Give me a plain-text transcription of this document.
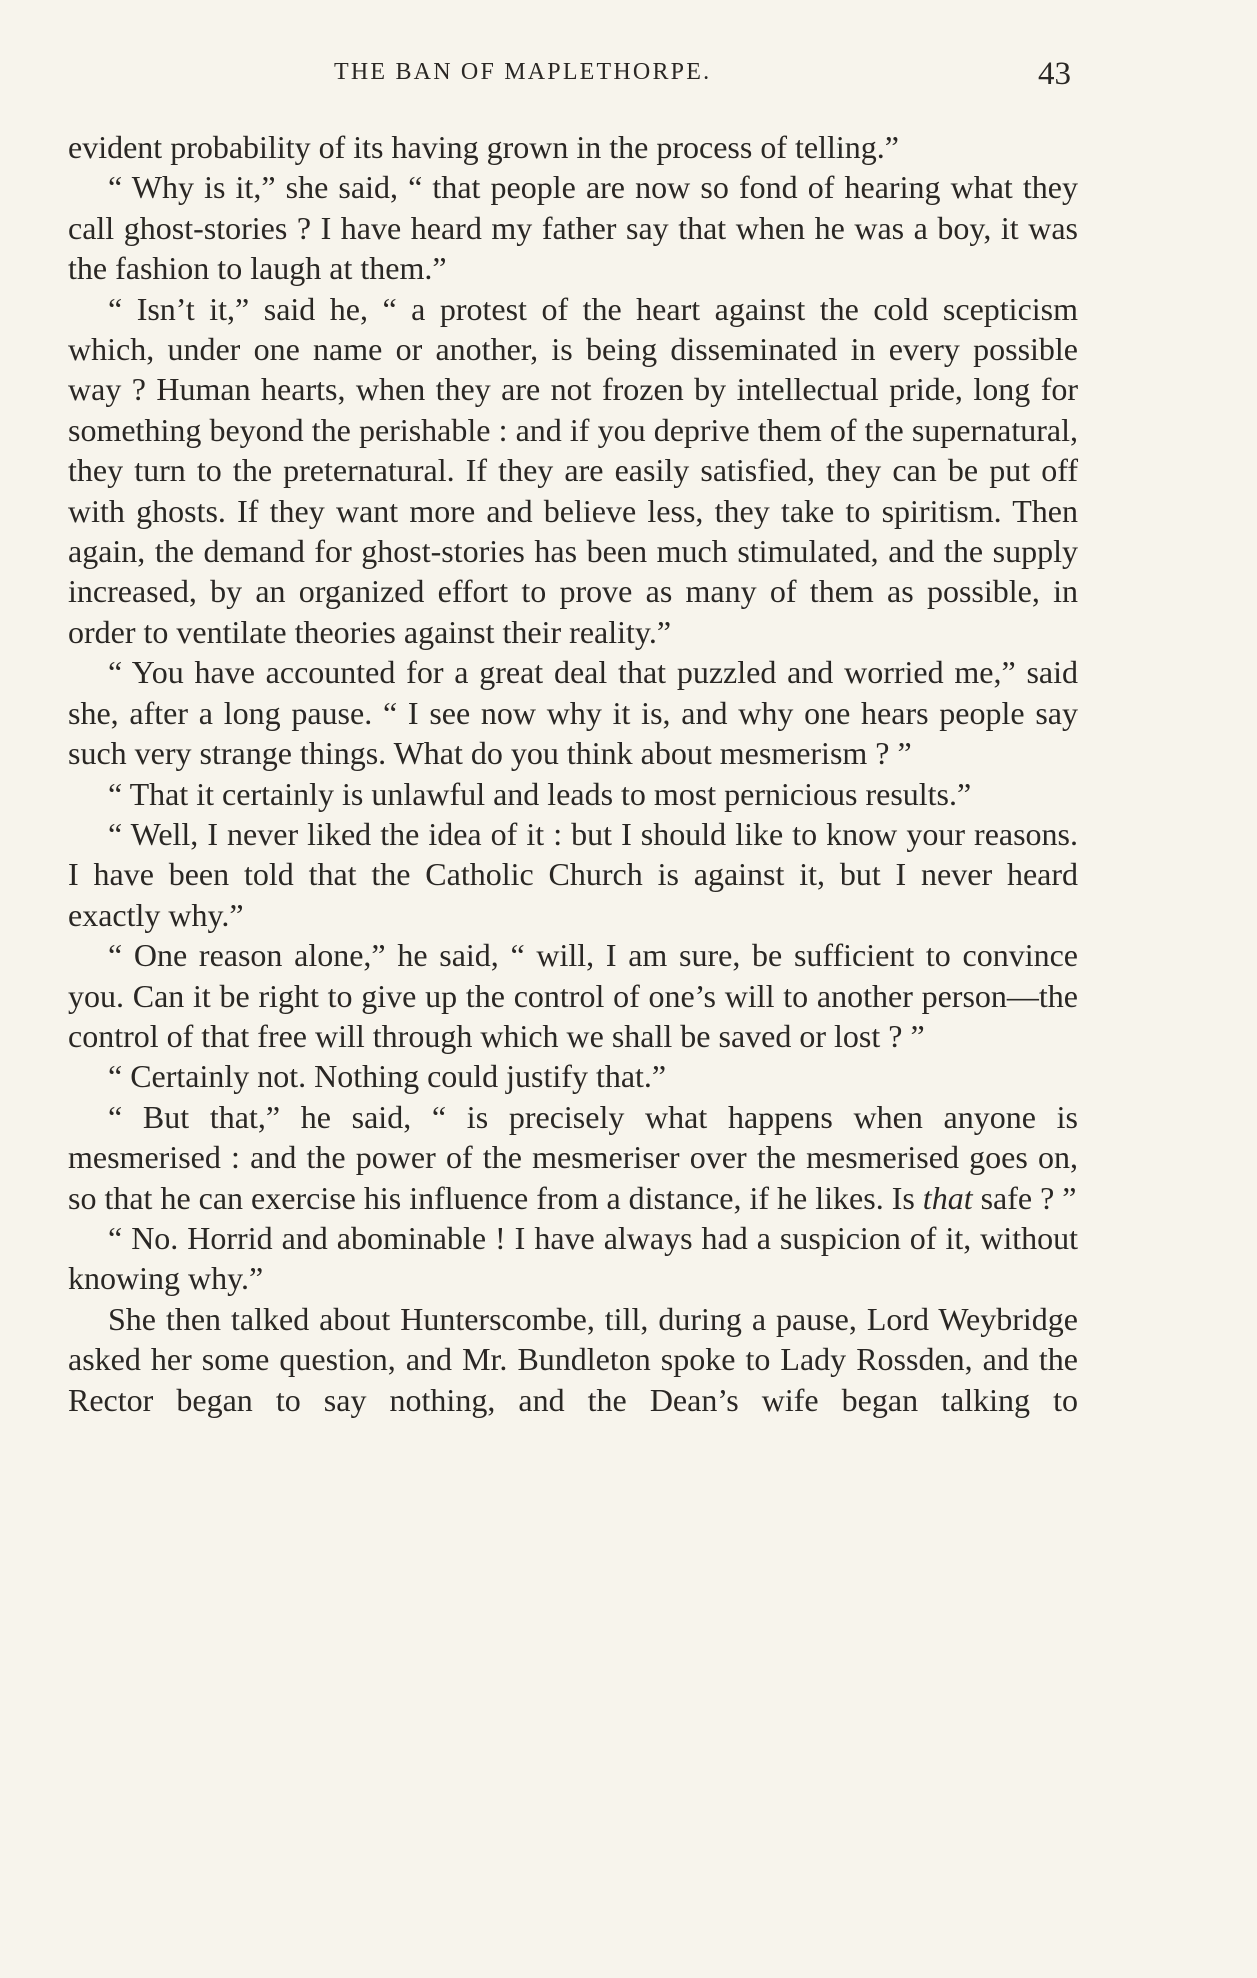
THE BAN OF MAPLETHORPE.	43

evident probability of its having grown in the process of telling.”

“ Why is it,” she said, “ that people are now so fond of hearing what they call ghost-stories ? I have heard my father say that when he was a boy, it was the fashion to laugh at them.”

“ Isn’t it,” said he, “ a protest of the heart against the cold scepticism which, under one name or another, is being disseminated in every possible way ? Human hearts, when they are not frozen by intellectual pride, long for something beyond the perishable : and if you deprive them of the supernatural, they turn to the preternatural. If they are easily satisfied, they can be put off with ghosts. If they want more and believe less, they take to spiritism. Then again, the demand for ghost-stories has been much stimulated, and the supply increased, by an organized effort to prove as many of them as possible, in order to ventilate theories against their reality.”

“ You have accounted for a great deal that puzzled and worried me,” said she, after a long pause. “ I see now why it is, and why one hears people say such very strange things. What do you think about mesmerism ? ”

“ That it certainly is unlawful and leads to most pernicious results.”

“ Well, I never liked the idea of it : but I should like to know your reasons. I have been told that the Catholic Church is against it, but I never heard exactly why.”

“ One reason alone,” he said, “ will, I am sure, be sufficient to convince you. Can it be right to give up the control of one’s will to another person—the control of that free will through which we shall be saved or lost ? ”

“ Certainly not. Nothing could justify that.”

“ But that,” he said, “ is precisely what happens when anyone is mesmerised : and the power of the mesmeriser over the mesmerised goes on, so that he can exercise his influence from a distance, if he likes. Is that safe ? ”

“ No. Horrid and abominable ! I have always had a suspicion of it, without knowing why.”

She then talked about Hunterscombe, till, during a pause, Lord Weybridge asked her some question, and Mr. Bundleton spoke to Lady Rossden, and the Rector began to say nothing, and the Dean’s wife began talking to
